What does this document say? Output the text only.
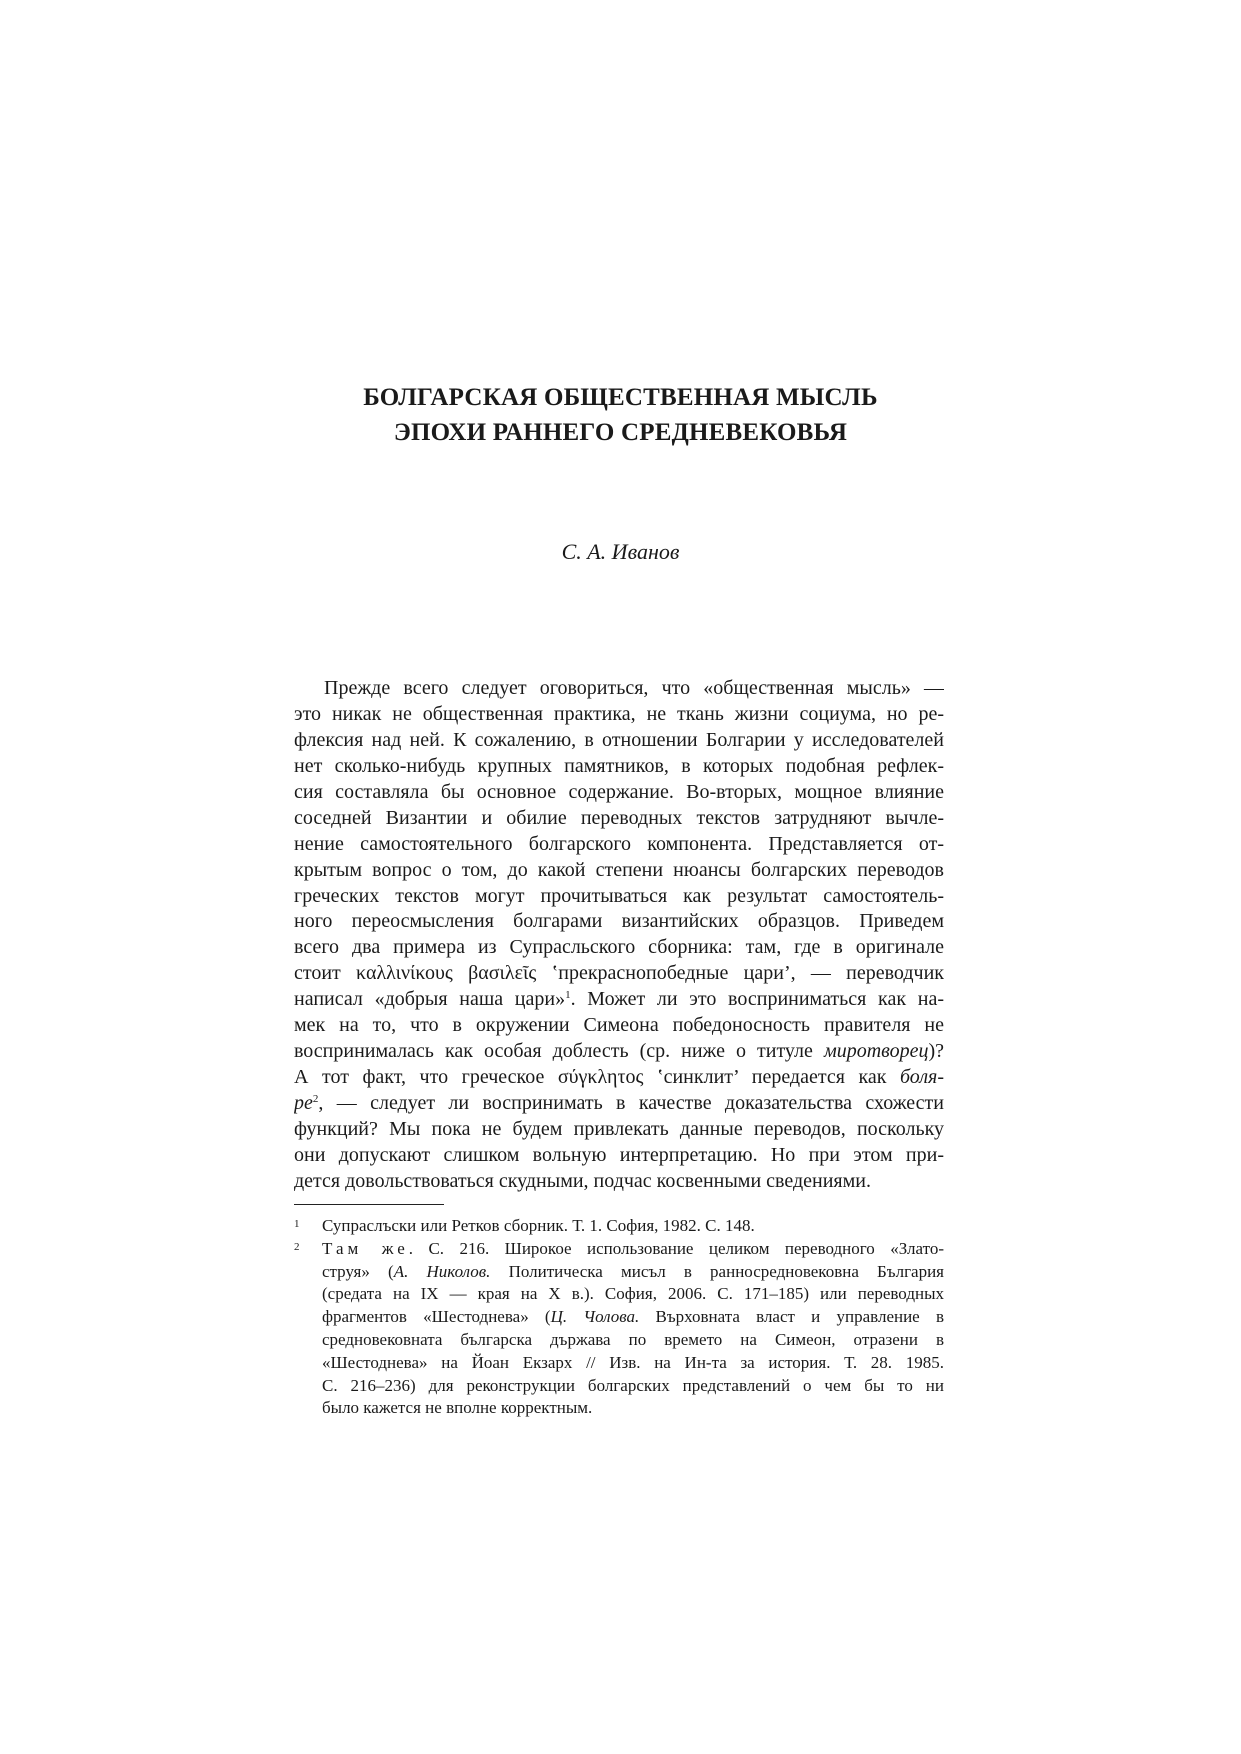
БОЛГАРСКАЯ ОБЩЕСТВЕННАЯ МЫСЛЬ
ЭПОХИ РАННЕГО СРЕДНЕВЕКОВЬЯ
С. А. Иванов
Прежде всего следует оговориться, что «общественная мысль» —
это никак не общественная практика, не ткань жизни социума, но ре-
флексия над ней. К сожалению, в отношении Болгарии у исследователей
нет сколько-нибудь крупных памятников, в которых подобная рефлек-
сия составляла бы основное содержание. Во-вторых, мощное влияние
соседней Византии и обилие переводных текстов затрудняют вычле-
нение самостоятельного болгарского компонента. Представляется от-
крытым вопрос о том, до какой степени нюансы болгарских переводов
греческих текстов могут прочитываться как результат самостоятель-
ного переосмысления болгарами византийских образцов. Приведем
всего два примера из Супрасльского сборника: там, где в оригинале
стоит καλλινίκους βασιλεῖς ʽпрекраснопобедные цари’, — переводчик
написал «добрыя наша цари»$^1$. Может ли это восприниматься как на-
мек на то, что в окружении Симеона победоносность правителя не
воспринималась как особая доблесть (ср. ниже о титуле миротворец)?
А тот факт, что греческое σύγκλητος ʽсинклит’ передается как боля-
$ре^2$, — следует ли воспринимать в качестве доказательства схожести
функций? Мы пока не будем привлекать данные переводов, поскольку
они допускают слишком вольную интерпретацию. Но при этом при-
дется довольствоваться скудными, подчас косвенными сведениями.
1 Супраслъски или Ретков сборник. Т. 1. София, 1982. С. 148.
2 Там же. С. 216. Широкое использование целиком переводного «Злато-
струя» (А. Николов. Политическа мисъл в ранносредновековна България
(средата на IX — края на X в.). София, 2006. С. 171–185) или переводных
фрагментов «Шестоднева» (Ц. Чолова. Върховната власт и управление в
средновековната българска държава по времето на Симеон, отразени в
«Шестоднева» на Йоан Екзарх // Изв. на Ин-та за история. Т. 28. 1985.
С. 216–236) для реконструкции болгарских представлений о чем бы то ни
было кажется не вполне корректным.
